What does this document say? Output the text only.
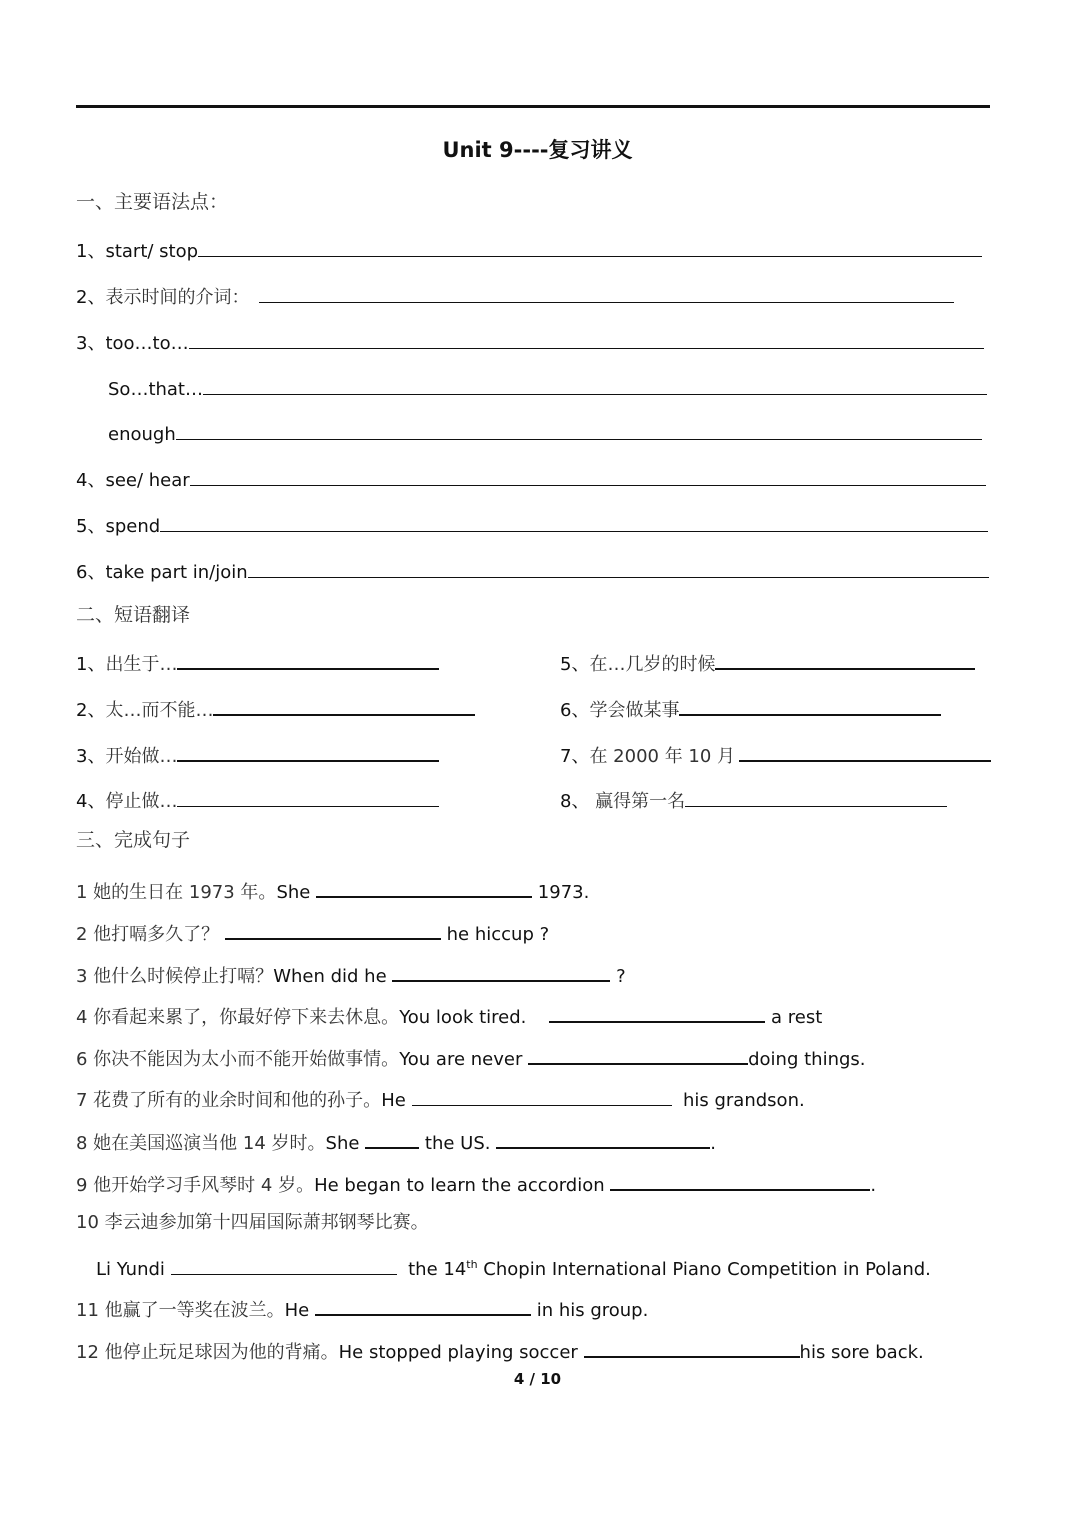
Unit 9----复习讲义
一、主要语法点：
1、start/ stop
2、表示时间的介词：
3、too…to…
So…that…
enough
4、see/ hear
5、spend
6、take part in/join
二、短语翻译
1、出生于…
2、太…而不能…
3、开始做…
4、停止做…
5、在…几岁的时候
6、学会做某事
7、在 2000 年 10 月
8、 赢得第一名
三、完成句子
1 她的生日在 1973 年。She	1973.
2 他打嗝多久了？	he hiccup ?
3 他什么时候停止打嗝？When did he	?
4 你看起来累了，你最好停下来去休息。You look tired.	a rest
6 你决不能因为太小而不能开始做事情。You are never	doing things.
7 花费了所有的业余时间和他的孙子。He	his grandson.
8 她在美国巡演当他 14 岁时。She	the US.	.
9 他开始学习手风琴时 4 岁。He began to learn the accordion	.
10 李云迪参加第十四届国际萧邦钢琴比赛。
Li Yundi	the 14th Chopin International Piano Competition in Poland.
11 他赢了一等奖在波兰。He	in his group.
12 他停止玩足球因为他的背痛。He stopped playing soccer	his sore back.
4 / 10
